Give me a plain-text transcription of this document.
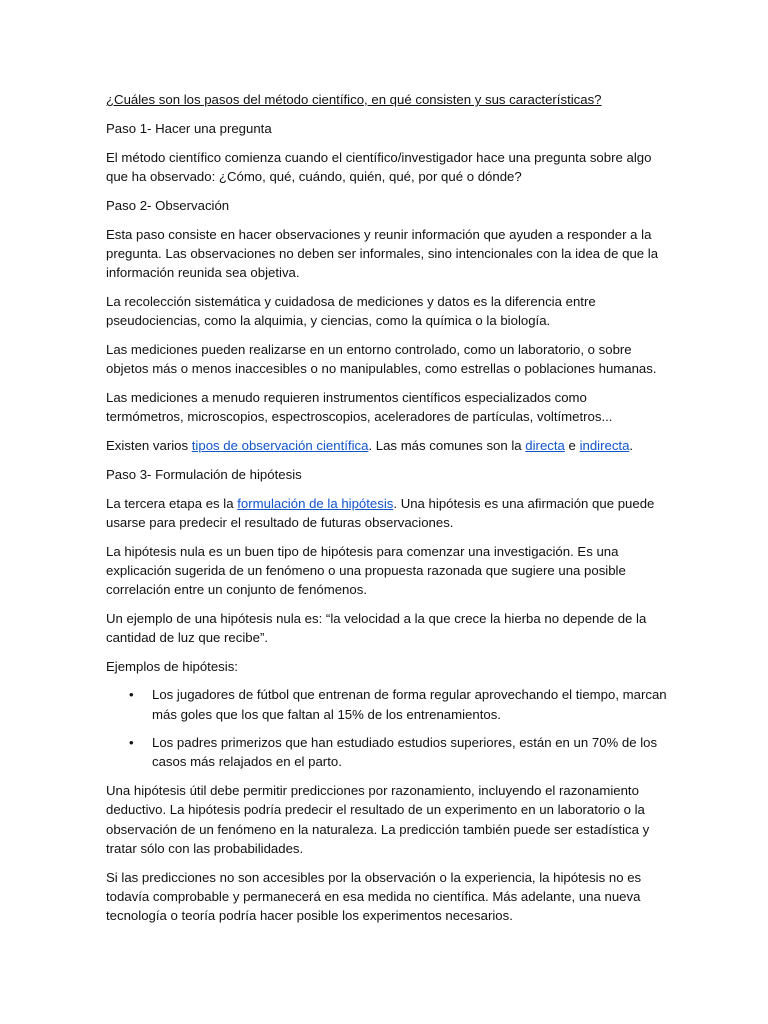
¿Cuáles son los pasos del método científico, en qué consisten y sus características?

Paso 1- Hacer una pregunta

El método científico comienza cuando el científico/investigador hace una pregunta sobre algo que ha observado: ¿Cómo, qué, cuándo, quién, qué, por qué o dónde?

Paso 2- Observación

Esta paso consiste en hacer observaciones y reunir información que ayuden a responder a la pregunta. Las observaciones no deben ser informales, sino intencionales con la idea de que la información reunida sea objetiva.

La recolección sistemática y cuidadosa de mediciones y datos es la diferencia entre pseudociencias, como la alquimia, y ciencias, como la química o la biología.

Las mediciones pueden realizarse en un entorno controlado, como un laboratorio, o sobre objetos más o menos inaccesibles o no manipulables, como estrellas o poblaciones humanas.

Las mediciones a menudo requieren instrumentos científicos especializados como termómetros, microscopios, espectroscopios, aceleradores de partículas, voltímetros...

Existen varios tipos de observación científica. Las más comunes son la directa e indirecta.

Paso 3- Formulación de hipótesis

La tercera etapa es la formulación de la hipótesis. Una hipótesis es una afirmación que puede usarse para predecir el resultado de futuras observaciones.

La hipótesis nula es un buen tipo de hipótesis para comenzar una investigación. Es una explicación sugerida de un fenómeno o una propuesta razonada que sugiere una posible correlación entre un conjunto de fenómenos.

Un ejemplo de una hipótesis nula es: “la velocidad a la que crece la hierba no depende de la cantidad de luz que recibe”.

Ejemplos de hipótesis:

• Los jugadores de fútbol que entrenan de forma regular aprovechando el tiempo, marcan más goles que los que faltan al 15% de los entrenamientos.
• Los padres primerizos que han estudiado estudios superiores, están en un 70% de los casos más relajados en el parto.

Una hipótesis útil debe permitir predicciones por razonamiento, incluyendo el razonamiento deductivo. La hipótesis podría predecir el resultado de un experimento en un laboratorio o la observación de un fenómeno en la naturaleza. La predicción también puede ser estadística y tratar sólo con las probabilidades.

Si las predicciones no son accesibles por la observación o la experiencia, la hipótesis no es todavía comprobable y permanecerá en esa medida no científica. Más adelante, una nueva tecnología o teoría podría hacer posible los experimentos necesarios.
